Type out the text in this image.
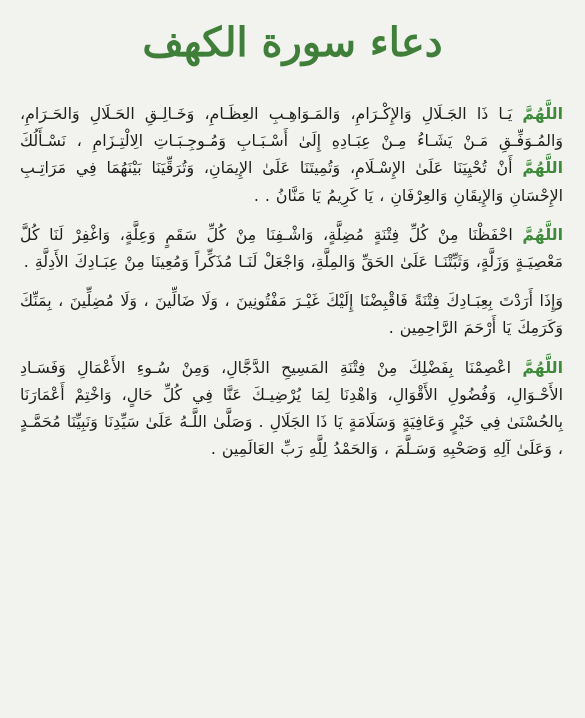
دعاء سورة الكهف

اللَّهُمَّ يَـا ذَا الجَـلَالِ وَالإِكْـرَامِ، وَالمَـوَاهِـبِ العِظَـامِ، وَخَـالِـقِ الحَـلَالِ وَالحَـرَامِ، وَالمُـوَفِّـقِ مَـنْ يَشَـاءُ مِـنْ عِبَـادِهِ إِلَىٰ أَسْـبَـابِ وَمُـوجِـبَـاتِ الِالْتِـزَامِ ، نَسْـأَلُكَ اللَّهُمَّ أَنْ تُحْيِيَنَا عَلَىٰ الإِسْـلَامِ، وَتُمِيتَنَا عَلَىٰ الإِيمَانِ، وَتُرَقِّيَنَا بَيْنَهُمَا فِي مَرَاتِـبِ الإِحْسَانِ وَالإِيقَانِ وَالعِرْفَانِ ، يَا كَرِيمُ يَا مَنَّانُ . .

اللَّهُمَّ احْفَظْنَا مِنْ كُلِّ فِتْنَةٍ مُضِلَّةٍ، وَاشْـفِنَا مِنْ كُلِّ سَقَمٍ وَعِلَّةٍ، وَاغْفِرْ لَنَا كُلَّ مَعْصِيَـةٍ وَزَلَّةٍ، وَثَبِّتْنَـا عَلَىٰ الحَقِّ وَالمِلَّةِ، وَاجْعَلْ لَنَـا مُذَكِّراً وَمُعِينَا مِنْ عِبَـادِكَ الأَدِلَّةِ .

وَإِذَا أَرَدْتَ بِعِبَـادِكَ فِتْنَةً فَاقْبِضْنَا إِلَيْكَ غَيْـرَ مَفْتُونِينَ ، وَلَا ضَالِّينَ ، وَلَا مُضِلِّينَ ، بِمَنِّكَ وَكَرَمِكَ يَا أَرْحَمَ الرَّاحِمِين .

اللَّهُمَّ اعْصِمْنَا بِفَضْلِكَ مِنْ فِتْنَةِ المَسِيحِ الدَّجَّالِ، وَمِنْ سُـوءِ الأَعْمَالِ وَفَسَـادِ الأَحْـوَالِ، وَفُضُولِ الأَقْوَالِ، وَاهْدِنَا لِمَا يُرْضِيـكَ عَنَّا فِي كُلِّ حَالٍ، وَاخْتِمْ أَعْمَارَنَا بِالحُسْنَىٰ فِي خَيْرٍ وَعَافِيَةٍ وَسَلَامَةٍ يَا ذَا الجَلَالِ . وَصَلَّىٰ اللَّـهُ عَلَىٰ سَيِّدِنَا وَنَبِيِّنَا مُحَمَّـدٍ ، وَعَلَىٰ آلِهِ وَصَحْبِهِ وَسَـلَّمَ ، وَالحَمْدُ لِلَّهِ رَبِّ العَالَمِين .
